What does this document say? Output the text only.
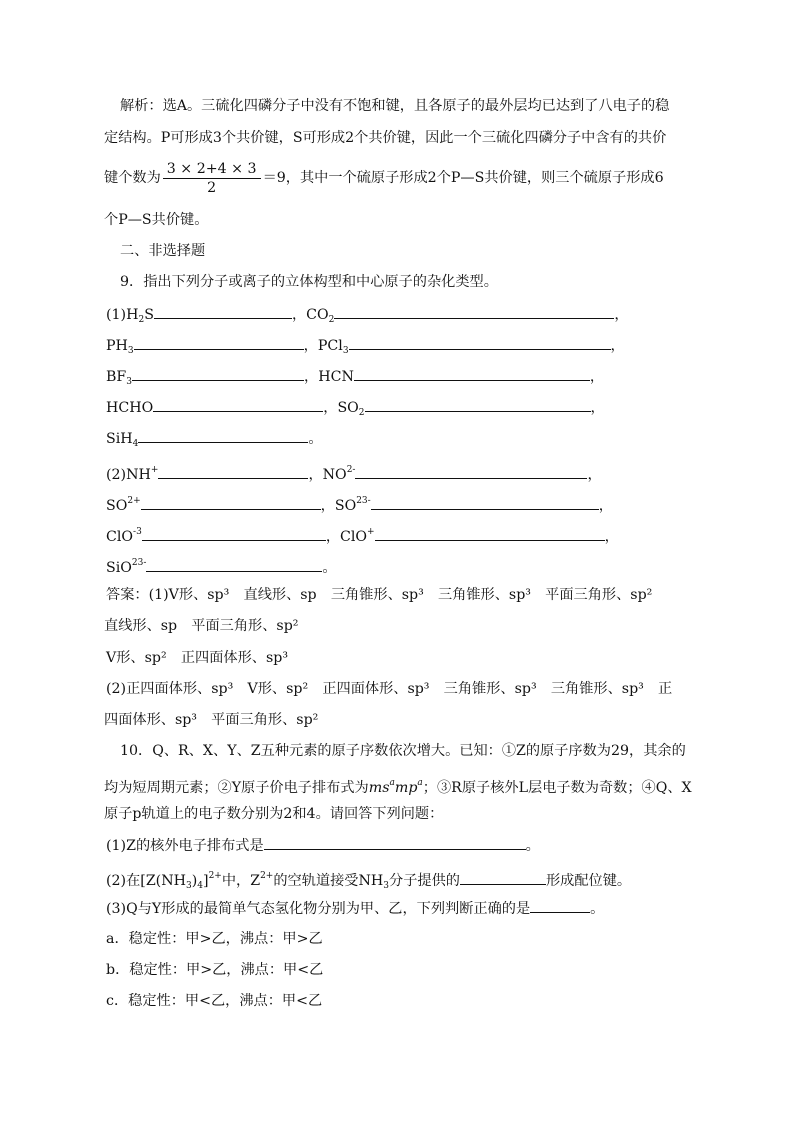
解析：选A。三硫化四磷分子中没有不饱和键，且各原子的最外层均已达到了八电子的稳
定结构。P可形成3个共价键，S可形成2个共价键，因此一个三硫化四磷分子中含有的共价
键个数为 $\frac{3 \times 2+4 \times 3}{2} =9$，其中一个硫原子形成2个P—S共价键，则三个硫原子形成6
个P—S共价键。
二、非选择题
9．指出下列分子或离子的立体构型和中心原子的杂化类型。
$(1)H_2S$	，$CO_2$	，
$PH_3$	，PCl$_3$	，
$BF_3$	，HCN	，
HCHO	，$SO_2$	，
SiH$_4$	。
(2)NH+	，$NO^{2-}$	，
$SO^{2+}$	，$SO^{23-}$	，
ClO$^{-3}$	，ClO+	，
SiO$^{23-}$	。
答案：(1)V形、sp³　直线形、sp　三角锥形、sp³　三角锥形、sp³　平面三角形、sp²
直线形、sp　平面三角形、sp²
V形、sp²　正四面体形、sp³
(2)正四面体形、sp³　V形、sp²　正四面体形、sp³　三角锥形、sp³　三角锥形、sp³　正
四面体形、sp³　平面三角形、sp²
10．Q、R、X、Y、Z五种元素的原子序数依次增大。已知：①Z的原子序数为29，其余的
均为短周期元素；②Y原子价电子排布式为$ms^amp^a$；③R原子核外L层电子数为奇数；④Q、X
原子p轨道上的电子数分别为2和4。请回答下列问题：
(1)Z的核外电子排布式是	。
(2)在$[Z(NH_3)_4]^{2+}$中，$Z^{2+}$的空轨道接受$NH_3$分子提供的	形成配位键。
(3)Q与Y形成的最简单气态氢化物分别为甲、乙，下列判断正确的是	。
a．稳定性：甲>乙，沸点：甲>乙
b．稳定性：甲>乙，沸点：甲<乙
c．稳定性：甲<乙，沸点：甲<乙
